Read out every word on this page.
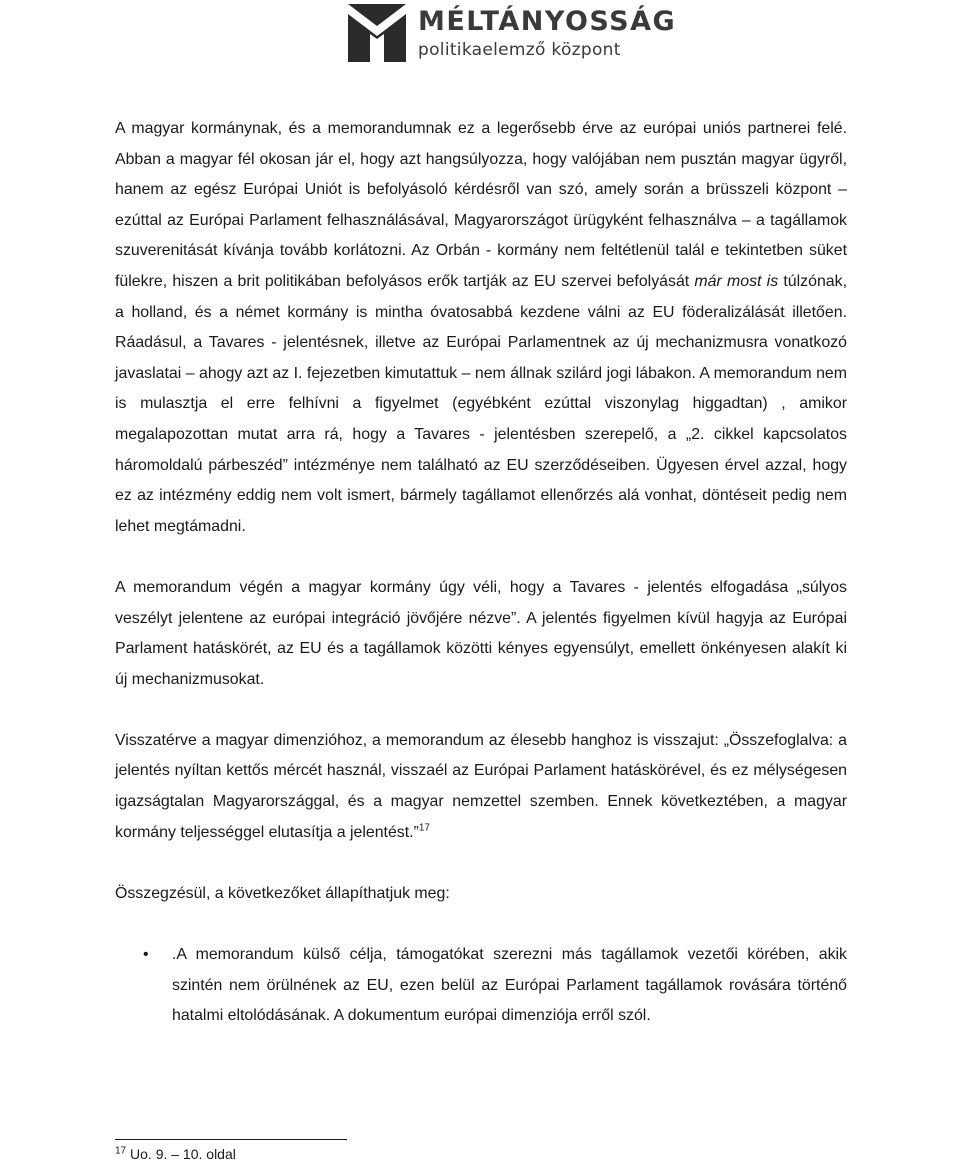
MÉLTÁNYOSSÁG
politikaelemző központ

A magyar kormánynak, és a memorandumnak ez a legerősebb érve az európai uniós partnerei felé. Abban a magyar fél okosan jár el, hogy azt hangsúlyozza, hogy valójában nem pusztán magyar ügyről, hanem az egész Európai Uniót is befolyásoló kérdésről van szó, amely során a brüsszeli központ – ezúttal az Európai Parlament felhasználásával, Magyarországot ürügyként felhasználva – a tagállamok szuverenitását kívánja tovább korlátozni. Az Orbán - kormány nem feltétlenül talál e tekintetben süket fülekre, hiszen a brit politikában befolyásos erők tartják az EU szervei befolyását már most is túlzónak, a holland, és a német kormány is mintha óvatosabbá kezdene válni az EU föderalizálását illetően. Ráadásul, a Tavares - jelentésnek, illetve az Európai Parlamentnek az új mechanizmusra vonatkozó javaslatai – ahogy azt az I. fejezetben kimutattuk – nem állnak szilárd jogi lábakon. A memorandum nem is mulasztja el erre felhívni a figyelmet (egyébként ezúttal viszonylag higgadtan) , amikor megalapozottan mutat arra rá, hogy a Tavares - jelentésben szerepelő, a „2. cikkel kapcsolatos háromoldalú párbeszéd” intézménye nem található az EU szerződéseiben. Ügyesen érvel azzal, hogy ez az intézmény eddig nem volt ismert, bármely tagállamot ellenőrzés alá vonhat, döntéseit pedig nem lehet megtámadni.

A memorandum végén a magyar kormány úgy véli, hogy a Tavares - jelentés elfogadása „súlyos veszélyt jelentene az európai integráció jövőjére nézve”. A jelentés figyelmen kívül hagyja az Európai Parlament hatáskörét, az EU és a tagállamok közötti kényes egyensúlyt, emellett önkényesen alakít ki új mechanizmusokat.

Visszatérve a magyar dimenzióhoz, a memorandum az élesebb hanghoz is visszajut: „Összefoglalva: a jelentés nyíltan kettős mércét használ, visszaél az Európai Parlament hatáskörével, és ez mélységesen igazságtalan Magyarországgal, és a magyar nemzettel szemben. Ennek következtében, a magyar kormány teljességgel elutasítja a jelentést.”$^{17}$

Összegzésül, a következőket állapíthatjuk meg:

• .A memorandum külső célja, támogatókat szerezni más tagállamok vezetői körében, akik szintén nem örülnének az EU, ezen belül az Európai Parlament tagállamok rovására történő hatalmi eltolódásának. A dokumentum európai dimenziója erről szól.

$^{17}$ Uo. 9. – 10. oldal
